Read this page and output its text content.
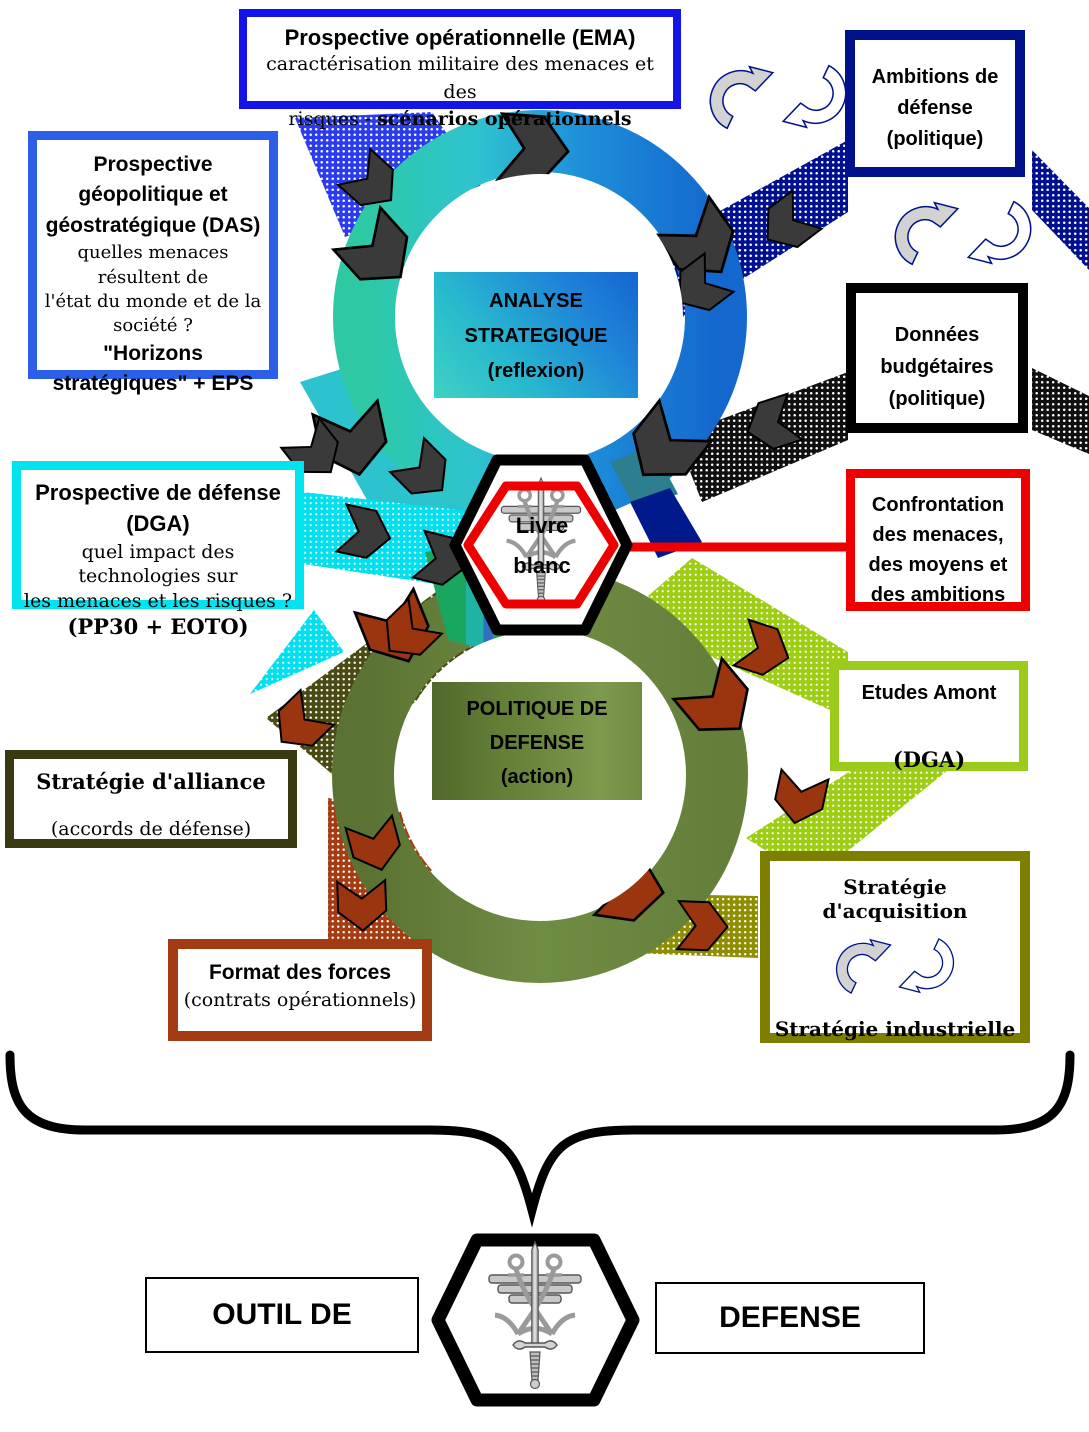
Prospective opérationnelle (EMA)
caractérisation militaire des menaces et des
risques - scénarios opérationnels
Ambitions de
défense
(politique)
Prospective
géopolitique et
géostratégique (DAS)
quelles menaces résultent de
l'état du monde et de la
société ?
"Horizons
stratégiques" + EPS
Données
budgétaires
(politique)
Prospective de défense
(DGA)
quel impact des technologies sur
les menaces et les risques ?
(PP30 + EOTO)
Confrontation
des menaces,
des moyens et
des ambitions
Etudes Amont
(DGA)
Stratégie d'alliance
(accords de défense)
Format des forces
(contrats opérationnels)
Stratégie d'acquisition
Stratégie industrielle
ANALYSE
STRATEGIQUE
(reflexion)
POLITIQUE DE
DEFENSE
(action)
Livre
blanc
OUTIL DE	DEFENSE
